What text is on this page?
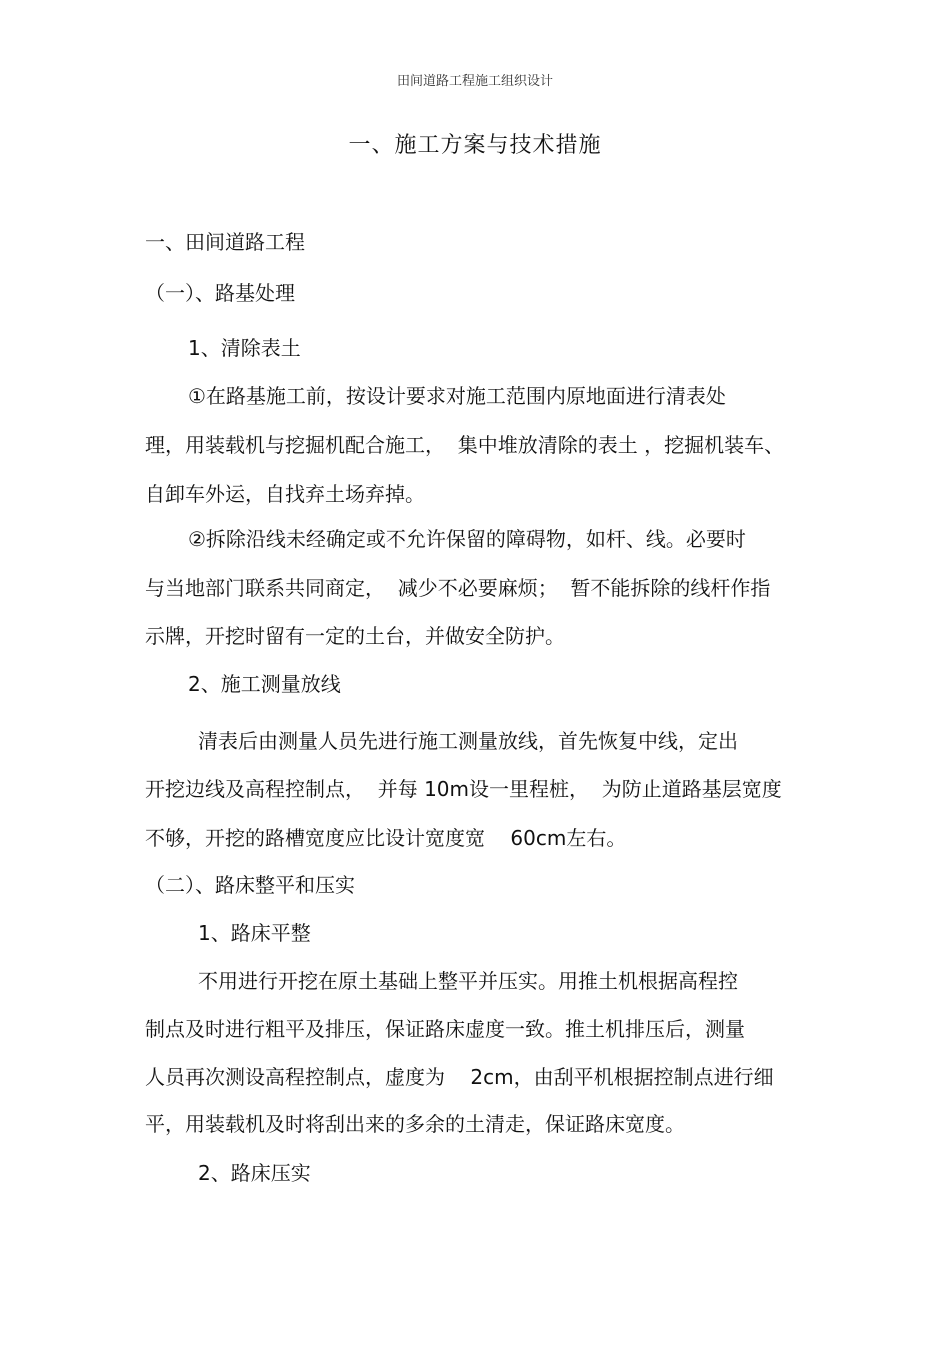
田间道路工程施工组织设计
一、施工方案与技术措施
一、田间道路工程
（一）、路基处理
1、清除表土
①在路基施工前，按设计要求对施工范围内原地面进行清表处
理，用装载机与挖掘机配合施工，  集中堆放清除的表土 ，挖掘机装车、
自卸车外运，自找弃土场弃掉。
②拆除沿线未经确定或不允许保留的障碍物，如杆、线。必要时
与当地部门联系共同商定，  减少不必要麻烦；  暂不能拆除的线杆作指
示牌，开挖时留有一定的土台，并做安全防护。
2、施工测量放线
清表后由测量人员先进行施工测量放线，首先恢复中线，定出
开挖边线及高程控制点，  并每 10m设一里程桩，  为防止道路基层宽度
不够，开挖的路槽宽度应比设计宽度宽    60cm左右。
（二）、路床整平和压实
1、路床平整
不用进行开挖在原土基础上整平并压实。用推土机根据高程控
制点及时进行粗平及排压，保证路床虚度一致。推土机排压后，测量
人员再次测设高程控制点，虚度为    2cm，由刮平机根据控制点进行细
平，用装载机及时将刮出来的多余的土清走，保证路床宽度。
2、路床压实
